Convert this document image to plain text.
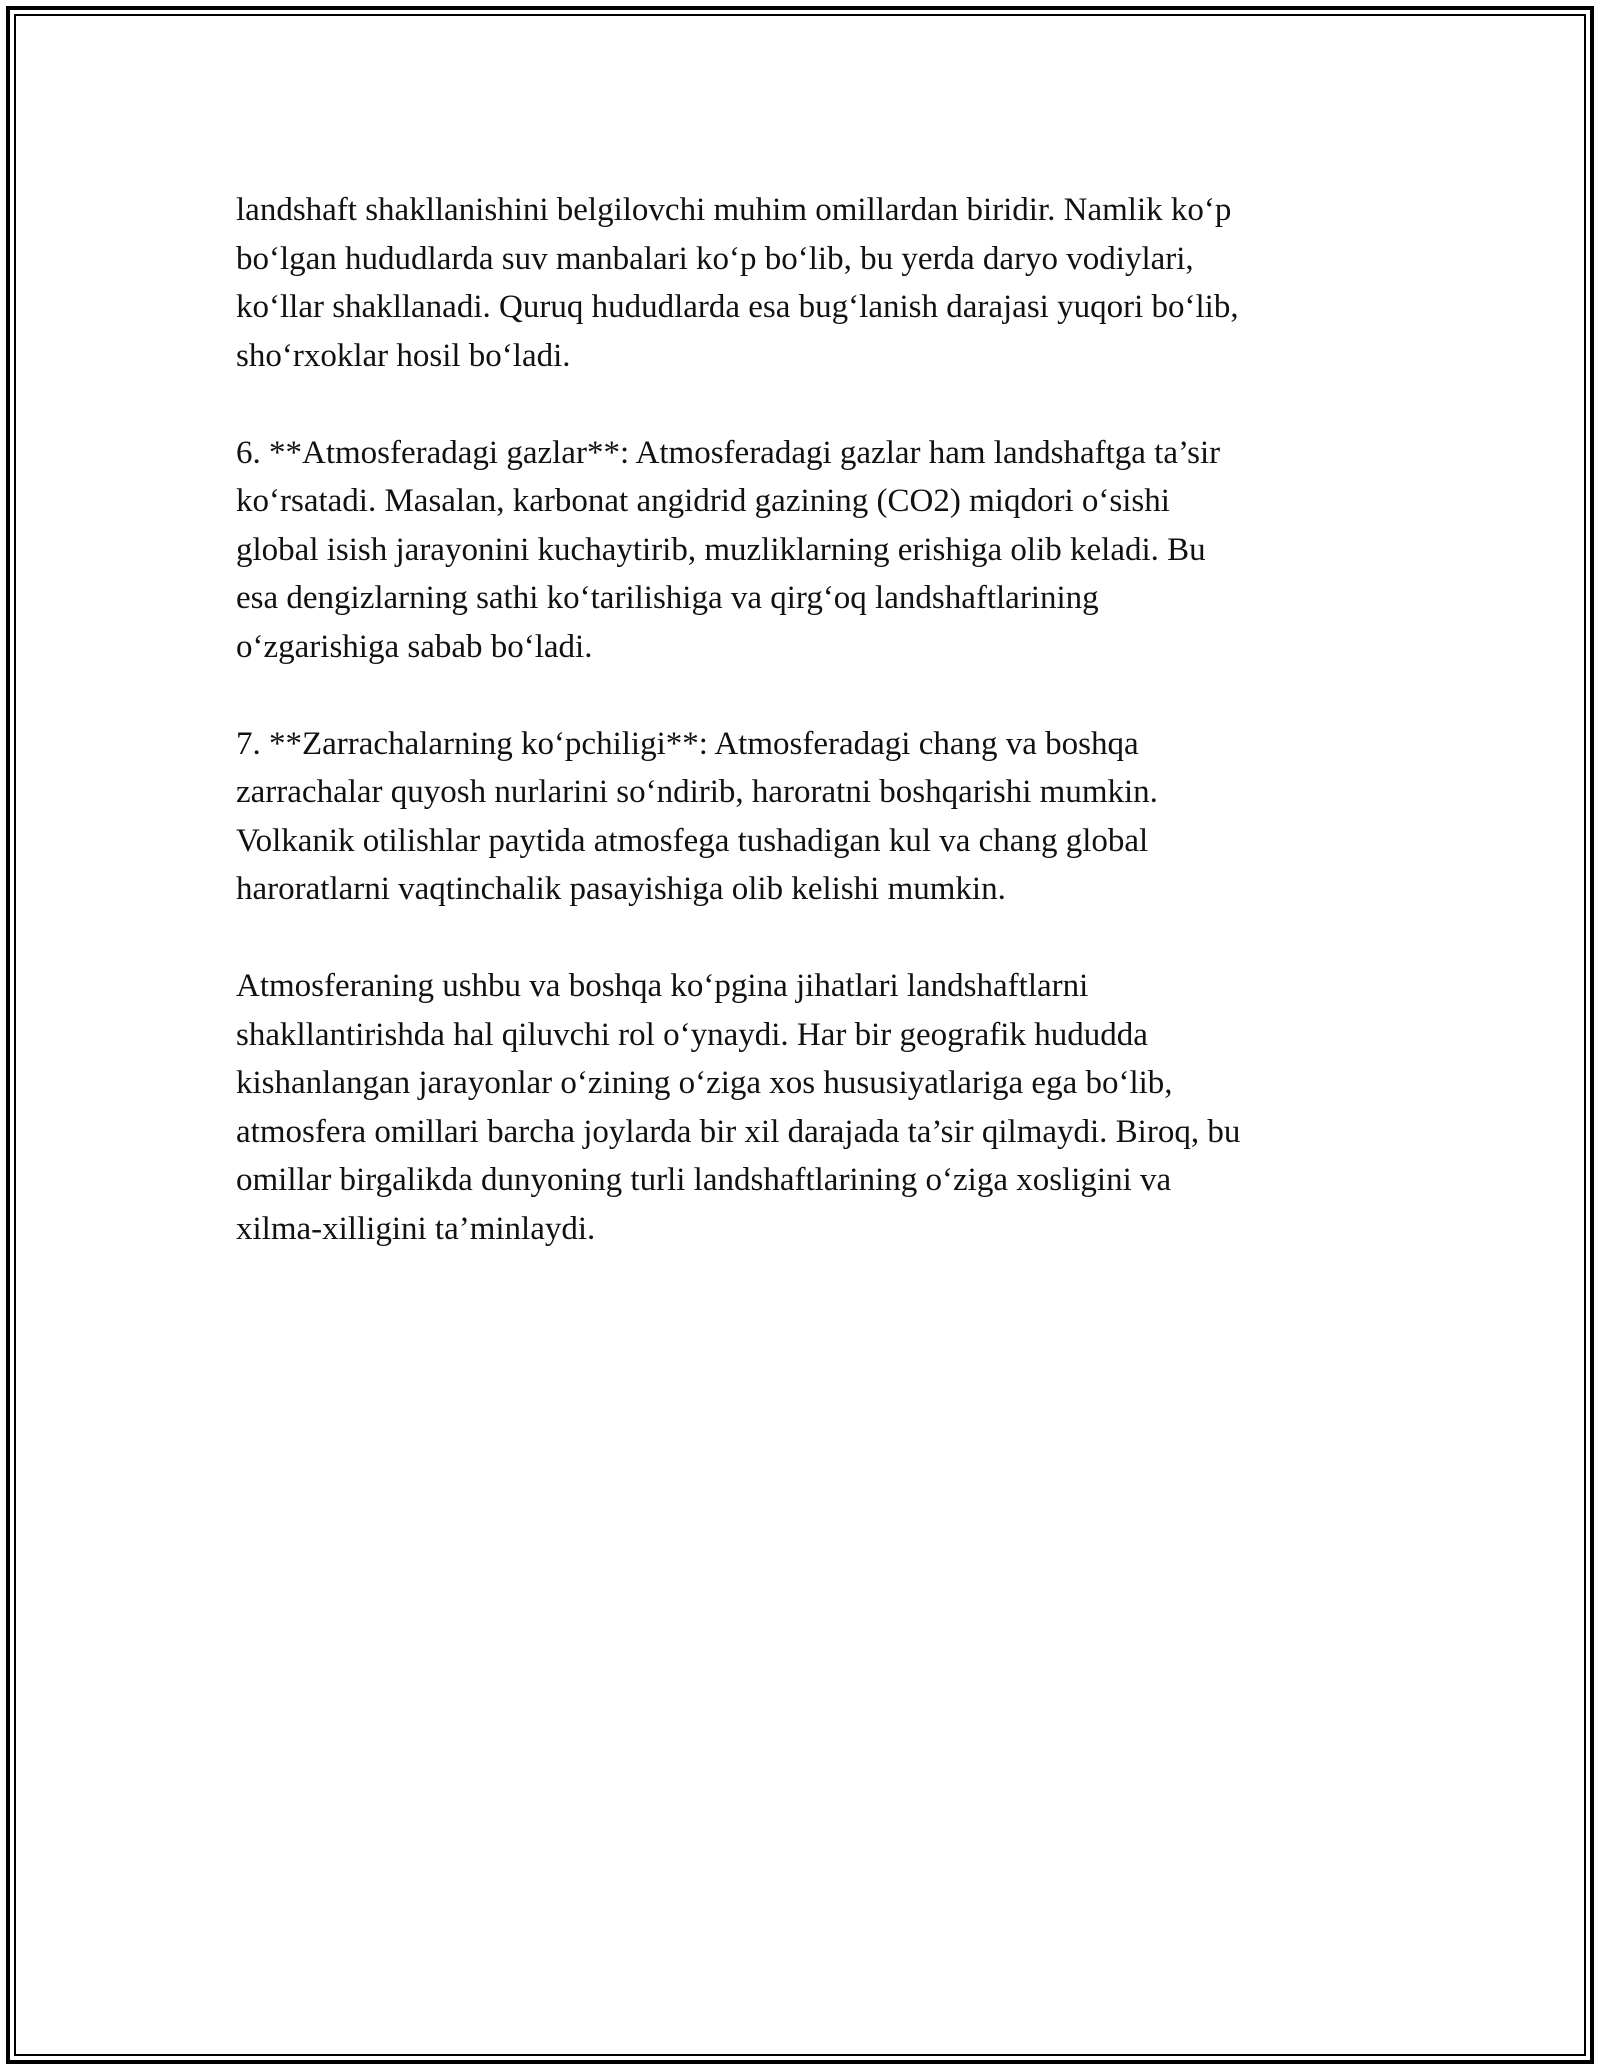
landshaft shakllanishini belgilovchi muhim omillardan biridir. Namlik ko‘p
bo‘lgan hududlarda suv manbalari ko‘p bo‘lib, bu yerda daryo vodiylari,
ko‘llar shakllanadi. Quruq hududlarda esa bug‘lanish darajasi yuqori bo‘lib,
sho‘rxoklar hosil bo‘ladi.

6. **Atmosferadagi gazlar**: Atmosferadagi gazlar ham landshaftga ta’sir
ko‘rsatadi. Masalan, karbonat angidrid gazining (CO2) miqdori o‘sishi
global isish jarayonini kuchaytirib, muzliklarning erishiga olib keladi. Bu
esa dengizlarning sathi ko‘tarilishiga va qirg‘oq landshaftlarining
o‘zgarishiga sabab bo‘ladi.

7. **Zarrachalarning ko‘pchiligi**: Atmosferadagi chang va boshqa
zarrachalar quyosh nurlarini so‘ndirib, haroratni boshqarishi mumkin.
Volkanik otilishlar paytida atmosfega tushadigan kul va chang global
haroratlarni vaqtinchalik pasayishiga olib kelishi mumkin.

Atmosferaning ushbu va boshqa ko‘pgina jihatlari landshaftlarni
shakllantirishda hal qiluvchi rol o‘ynaydi. Har bir geografik hududda
kishanlangan jarayonlar o‘zining o‘ziga xos hususiyatlariga ega bo‘lib,
atmosfera omillari barcha joylarda bir xil darajada ta’sir qilmaydi. Biroq, bu
omillar birgalikda dunyoning turli landshaftlarining o‘ziga xosligini va
xilma-xilligini ta’minlaydi.
